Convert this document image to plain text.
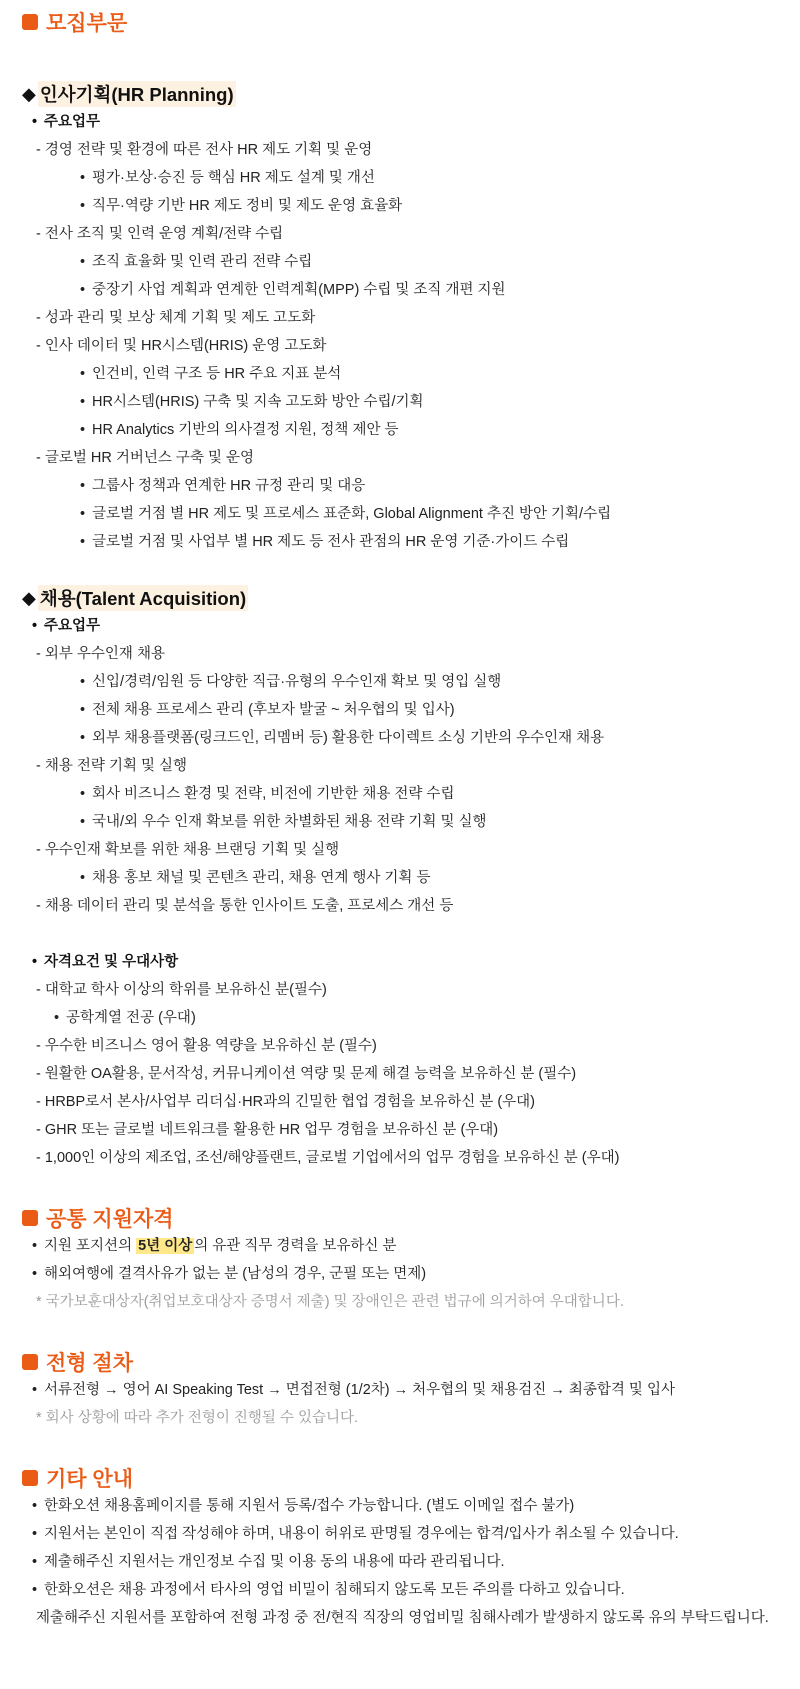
모집부문
◆ 인사기획(HR Planning)
• 주요업무
- 경영 전략 및 환경에 따른 전사 HR 제도 기획 및 운영
• 평가·보상·승진 등 핵심 HR 제도 설계 및 개선
• 직무·역량 기반 HR 제도 정비 및 제도 운영 효율화
- 전사 조직 및 인력 운영 계획/전략 수립
• 조직 효율화 및 인력 관리 전략 수립
• 중장기 사업 계획과 연계한 인력계획(MPP) 수립 및 조직 개편 지원
- 성과 관리 및 보상 체계 기획 및 제도 고도화
- 인사 데이터 및 HR시스템(HRIS) 운영 고도화
• 인건비, 인력 구조 등 HR 주요 지표 분석
• HR시스템(HRIS) 구축 및 지속 고도화 방안 수립/기획
• HR Analytics 기반의 의사결정 지원, 정책 제안 등
- 글로벌 HR 거버넌스 구축 및 운영
• 그룹사 정책과 연계한 HR 규정 관리 및 대응
• 글로벌 거점 별 HR 제도 및 프로세스 표준화, Global Alignment 추진 방안 기획/수립
• 글로벌 거점 및 사업부 별 HR 제도 등 전사 관점의 HR 운영 기준·가이드 수립
◆ 채용(Talent Acquisition)
• 주요업무
- 외부 우수인재 채용
• 신입/경력/임원 등 다양한 직급·유형의 우수인재 확보 및 영입 실행
• 전체 채용 프로세스 관리 (후보자 발굴 ~ 처우협의 및 입사)
• 외부 채용플랫폼(링크드인, 리멤버 등) 활용한 다이렉트 소싱 기반의 우수인재 채용
- 채용 전략 기획 및 실행
• 회사 비즈니스 환경 및 전략, 비전에 기반한 채용 전략 수립
• 국내/외 우수 인재 확보를 위한 차별화된 채용 전략 기획 및 실행
- 우수인재 확보를 위한 채용 브랜딩 기획 및 실행
• 채용 홍보 채널 및 콘텐츠 관리, 채용 연계 행사 기획 등
- 채용 데이터 관리 및 분석을 통한 인사이트 도출, 프로세스 개선 등
• 자격요건 및 우대사항
- 대학교 학사 이상의 학위를 보유하신 분(필수)
• 공학계열 전공 (우대)
- 우수한 비즈니스 영어 활용 역량을 보유하신 분 (필수)
- 원활한 OA활용, 문서작성, 커뮤니케이션 역량 및 문제 해결 능력을 보유하신 분 (필수)
- HRBP로서 본사/사업부 리더십·HR과의 긴밀한 협업 경험을 보유하신 분 (우대)
- GHR 또는 글로벌 네트워크를 활용한 HR 업무 경험을 보유하신 분 (우대)
- 1,000인 이상의 제조업, 조선/해양플랜트, 글로벌 기업에서의 업무 경험을 보유하신 분 (우대)
공통 지원자격
• 지원 포지션의 5년 이상 의 유관 직무 경력을 보유하신 분
• 해외여행에 결격사유가 없는 분 (남성의 경우, 군필 또는 면제)
* 국가보훈대상자(취업보호대상자 증명서 제출) 및 장애인은 관련 법규에 의거하여 우대합니다.
전형 절차
• 서류전형 → 영어 AI Speaking Test → 면접전형 (1/2차) → 처우협의 및 채용검진 → 최종합격 및 입사
* 회사 상황에 따라 추가 전형이 진행될 수 있습니다.
기타 안내
• 한화오션 채용홈페이지를 통해 지원서 등록/접수 가능합니다. (별도 이메일 접수 불가)
• 지원서는 본인이 직접 작성해야 하며, 내용이 허위로 판명될 경우에는 합격/입사가 취소될 수 있습니다.
• 제출해주신 지원서는 개인정보 수집 및 이용 동의 내용에 따라 관리됩니다.
• 한화오션은 채용 과정에서 타사의 영업 비밀이 침해되지 않도록 모든 주의를 다하고 있습니다.
제출해주신 지원서를 포함하여 전형 과정 중 전/현직 직장의 영업비밀 침해사례가 발생하지 않도록 유의 부탁드립니다.
